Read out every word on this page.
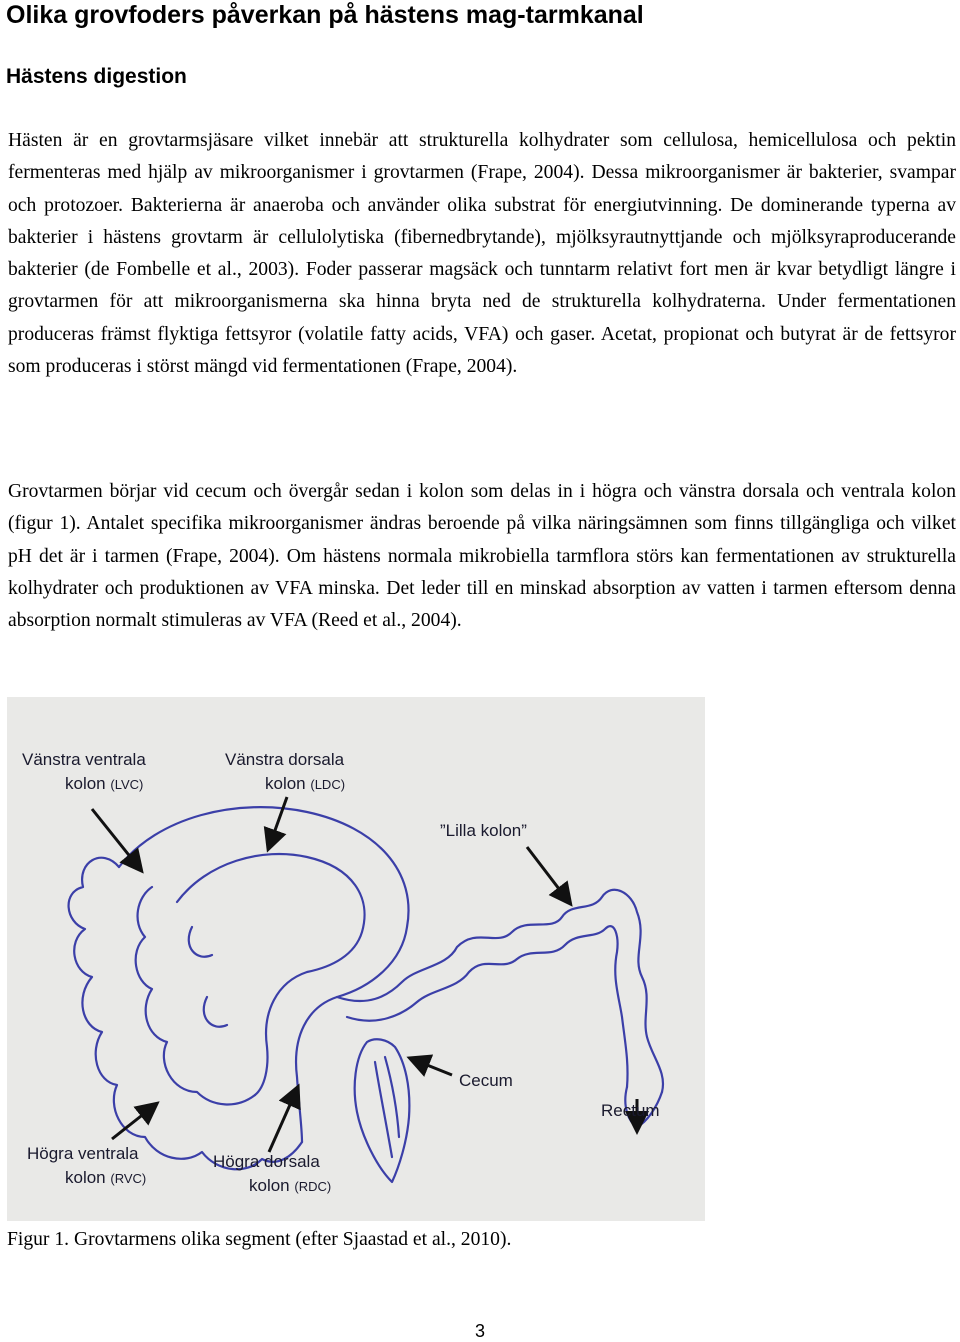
Olika grovfoders påverkan på hästens mag-tarmkanal
Hästens digestion

Hästen är en grovtarmsjäsare vilket innebär att strukturella kolhydrater som cellulosa, hemicellulosa och pektin fermenteras med hjälp av mikroorganismer i grovtarmen (Frape, 2004). Dessa mikroorganismer är bakterier, svampar och protozoer. Bakterierna är anaeroba och använder olika substrat för energiutvinning. De dominerande typerna av bakterier i hästens grovtarm är cellulolytiska (fibernedbrytande), mjölksyrautnyttjande och mjölksyraproducerande bakterier (de Fombelle et al., 2003). Foder passerar magsäck och tunntarm relativt fort men är kvar betydligt längre i grovtarmen för att mikroorganismerna ska hinna bryta ned de strukturella kolhydraterna. Under fermentationen produceras främst flyktiga fettsyror (volatile fatty acids, VFA) och gaser. Acetat, propionat och butyrat är de fettsyror som produceras i störst mängd vid fermentationen (Frape, 2004).

Grovtarmen börjar vid cecum och övergår sedan i kolon som delas in i högra och vänstra dorsala och ventrala kolon (figur 1). Antalet specifika mikroorganismer ändras beroende på vilka näringsämnen som finns tillgängliga och vilket pH det är i tarmen (Frape, 2004). Om hästens normala mikrobiella tarmflora störs kan fermentationen av strukturella kolhydrater och produktionen av VFA minska. Det leder till en minskad absorption av vatten i tarmen eftersom denna absorption normalt stimuleras av VFA (Reed et al., 2004).

Vänstra ventrala
kolon (LVC)
Vänstra dorsala
kolon (LDC)
”Lilla kolon”
Cecum
Rectum
Högra ventrala
kolon (RVC)
Högra dorsala
kolon (RDC)

Figur 1. Grovtarmens olika segment (efter Sjaastad et al., 2010).

3
